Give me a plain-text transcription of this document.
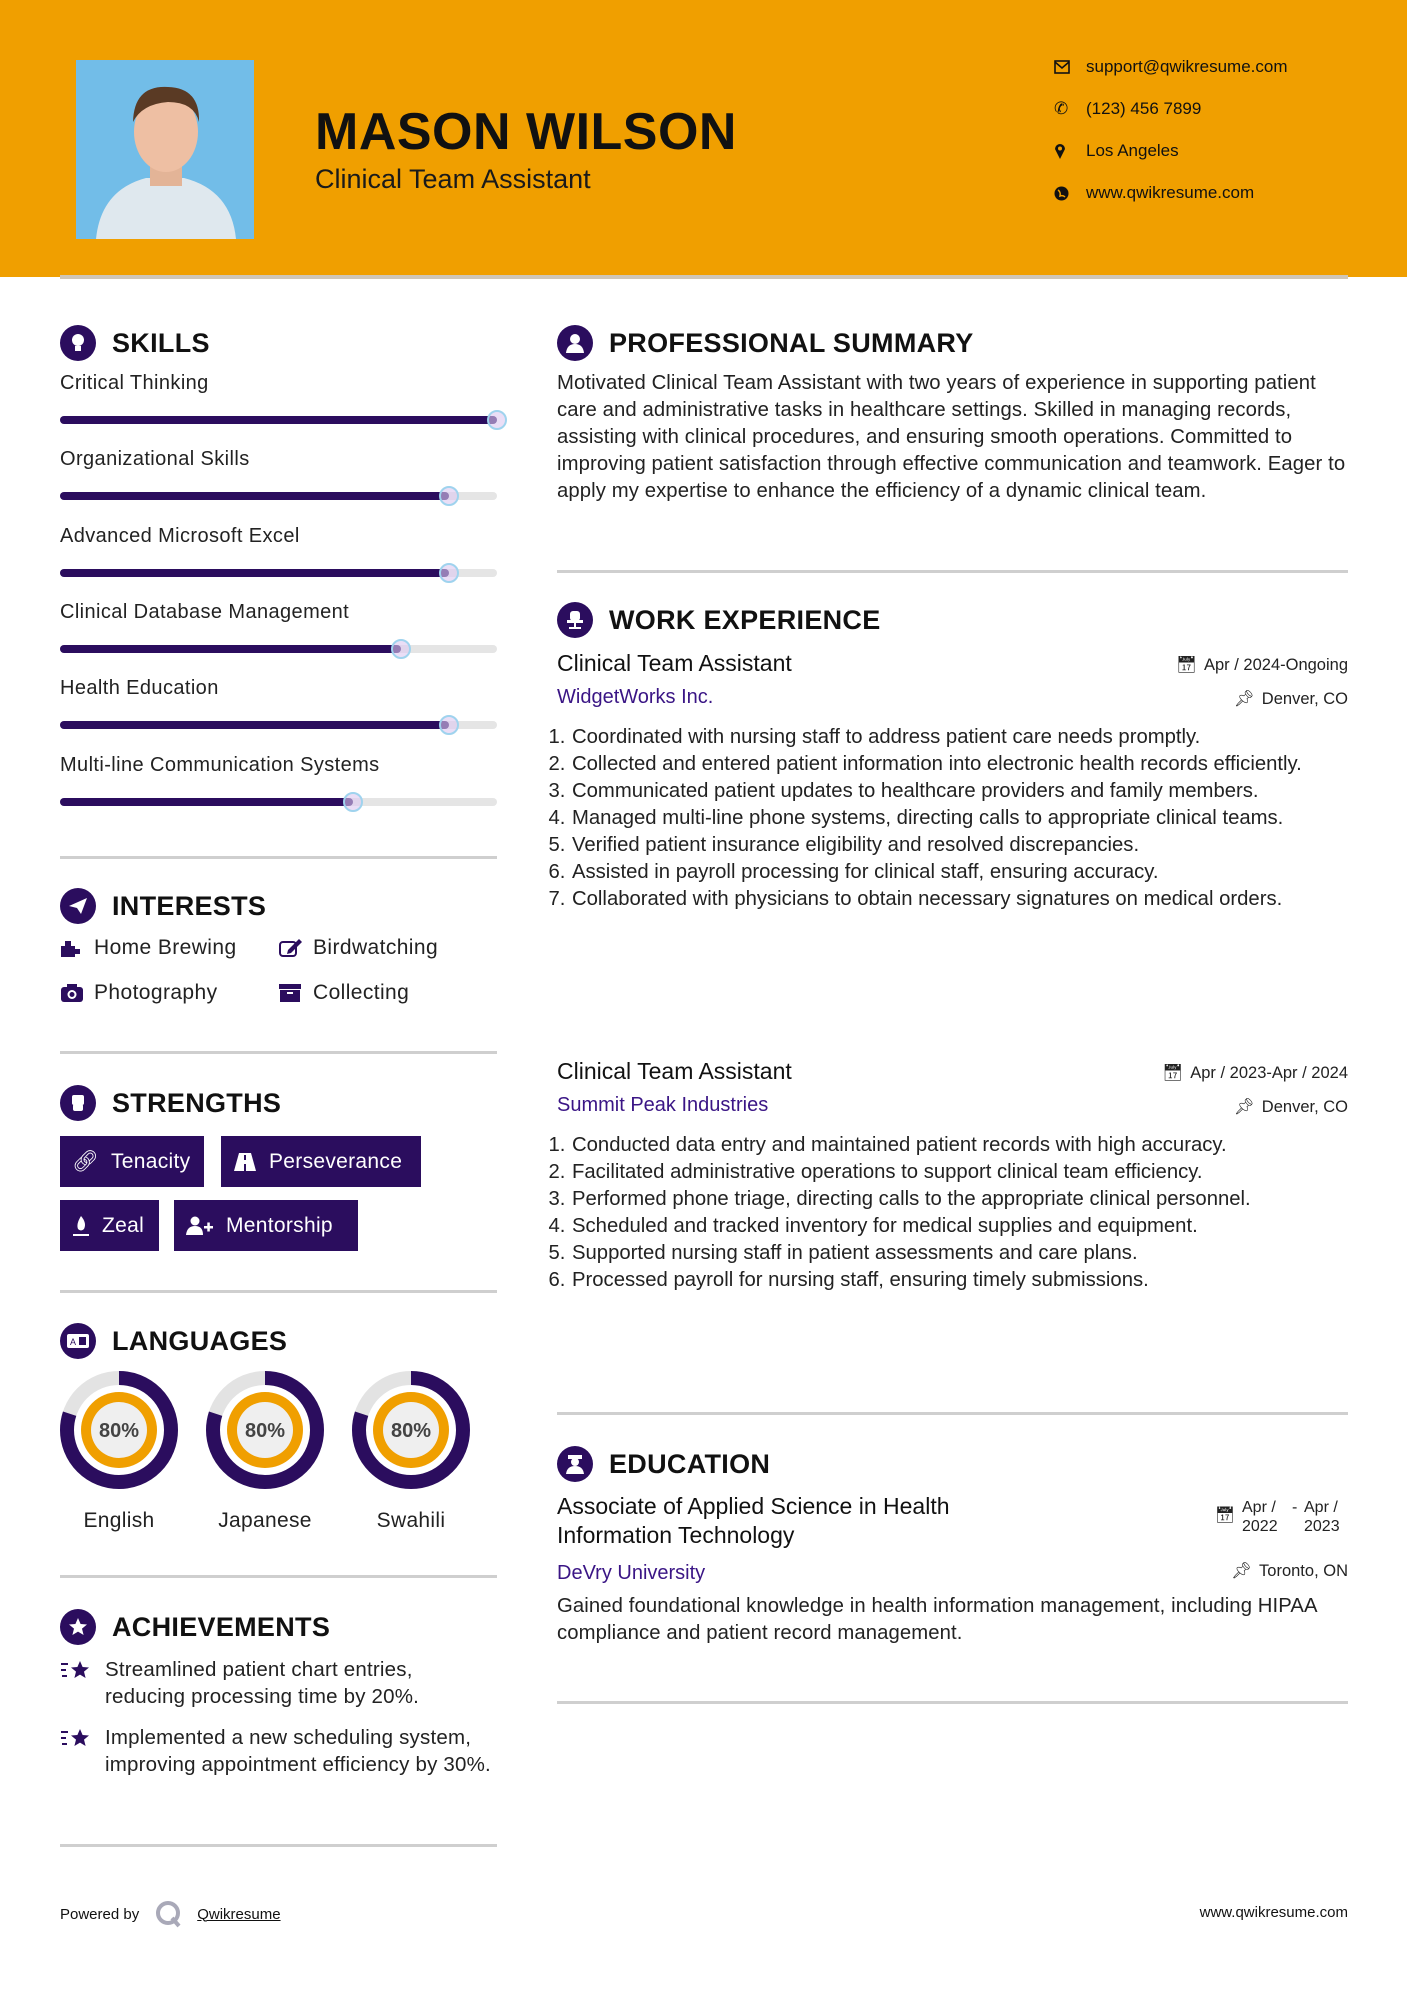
MASON WILSON
Clinical Team Assistant
support@qwikresume.com
✆	(123) 456 7899
Los Angeles
www.qwikresume.com
SKILLS
Critical Thinking
Organizational Skills
Advanced Microsoft Excel
Clinical Database Management
Health Education
Multi-line Communication Systems
INTERESTS
Home Brewing	Birdwatching
Photography	Collecting
STRENGTHS
🔗︎ Tenacity	Perseverance
Zeal	Mentorship
A LANGUAGES
80%
English
80%
Japanese
80%
Swahili
ACHIEVEMENTS
Streamlined patient chart entries, reducing processing time by 20%.
Implemented a new scheduling system, improving appointment efficiency by 30%.
PROFESSIONAL SUMMARY
Motivated Clinical Team Assistant with two years of experience in supporting patient care and administrative tasks in healthcare settings. Skilled in managing records, assisting with clinical procedures, and ensuring smooth operations. Committed to improving patient satisfaction through effective communication and teamwork. Eager to apply my expertise to enhance the efficiency of a dynamic clinical team.
WORK EXPERIENCE
Clinical Team Assistant	📅︎ Apr / 2024-Ongoing
WidgetWorks Inc.	📌︎ Denver, CO
1. Coordinated with nursing staff to address patient care needs promptly.
2. Collected and entered patient information into electronic health records efficiently.
3. Communicated patient updates to healthcare providers and family members.
4. Managed multi-line phone systems, directing calls to appropriate clinical teams.
5. Verified patient insurance eligibility and resolved discrepancies.
6. Assisted in payroll processing for clinical staff, ensuring accuracy.
7. Collaborated with physicians to obtain necessary signatures on medical orders.
Clinical Team Assistant	📅︎ Apr / 2023-Apr / 2024
Summit Peak Industries	📌︎ Denver, CO
1. Conducted data entry and maintained patient records with high accuracy.
2. Facilitated administrative operations to support clinical team efficiency.
3. Performed phone triage, directing calls to the appropriate clinical personnel.
4. Scheduled and tracked inventory for medical supplies and equipment.
5. Supported nursing staff in patient assessments and care plans.
6. Processed payroll for nursing staff, ensuring timely submissions.
EDUCATION
Associate of Applied Science in Health Information Technology
📅︎ Apr / 2022
- Apr / 2023
DeVry University	📌︎ Toronto, ON
Gained foundational knowledge in health information management, including HIPAA compliance and patient record management.
Powered by	Qwikresume	www.qwikresume.com
